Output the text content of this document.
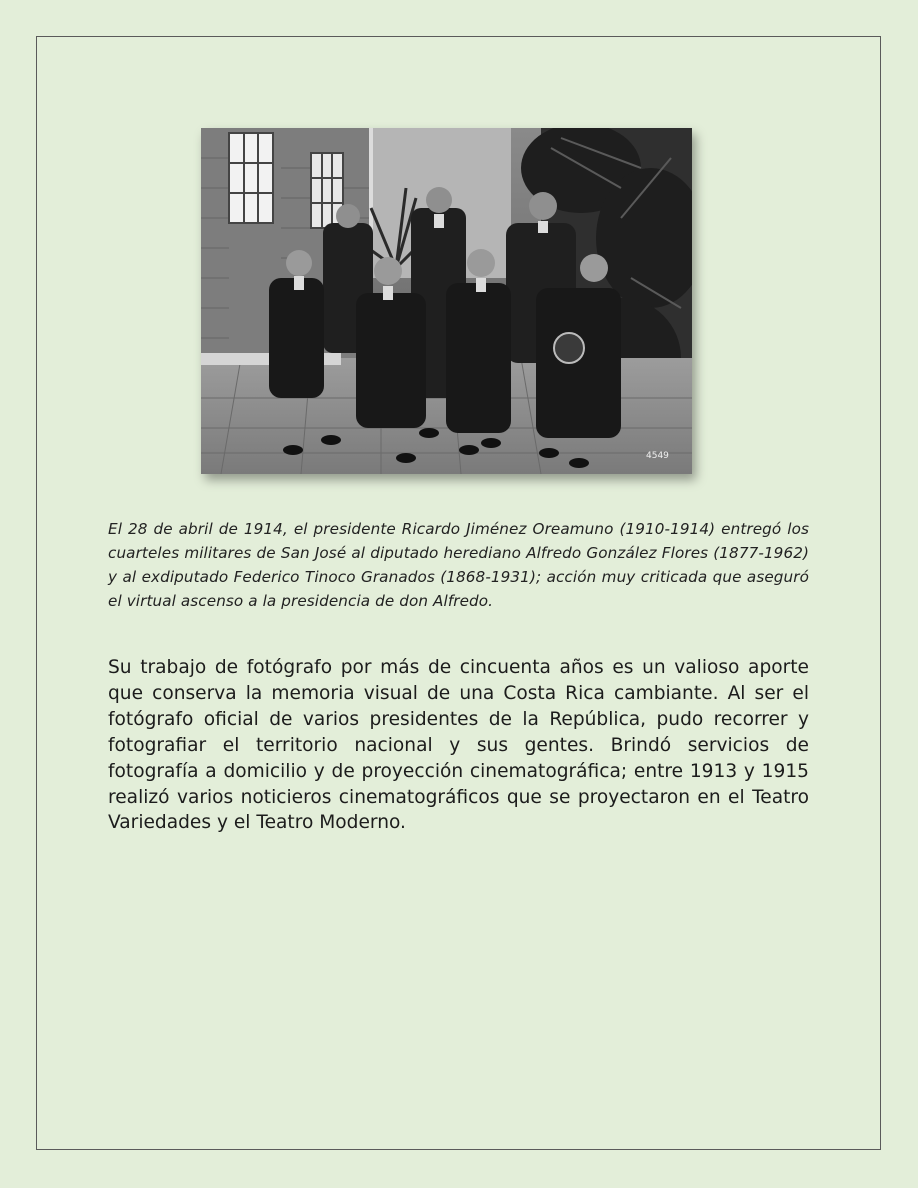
4549
El 28 de abril de 1914, el presidente Ricardo Jiménez Oreamuno (1910-1914) entregó los cuarteles militares de San José al diputado herediano Alfredo González Flores (1877-1962) y al exdiputado Federico Tinoco Granados (1868-1931); acción muy criticada que aseguró el virtual ascenso a la presidencia de don Alfredo.
Su trabajo de fotógrafo por más de cincuenta años es un valioso aporte que conserva la memoria visual de una Costa Rica cambiante. Al ser el fotógrafo oficial de varios presidentes de la República, pudo recorrer y fotografiar el territorio nacional y sus gentes. Brindó servicios de fotografía a domicilio y de proyección cinematográfica; entre 1913 y 1915 realizó varios noticieros cinematográficos que se proyectaron en el Teatro Variedades y el Teatro Moderno.
